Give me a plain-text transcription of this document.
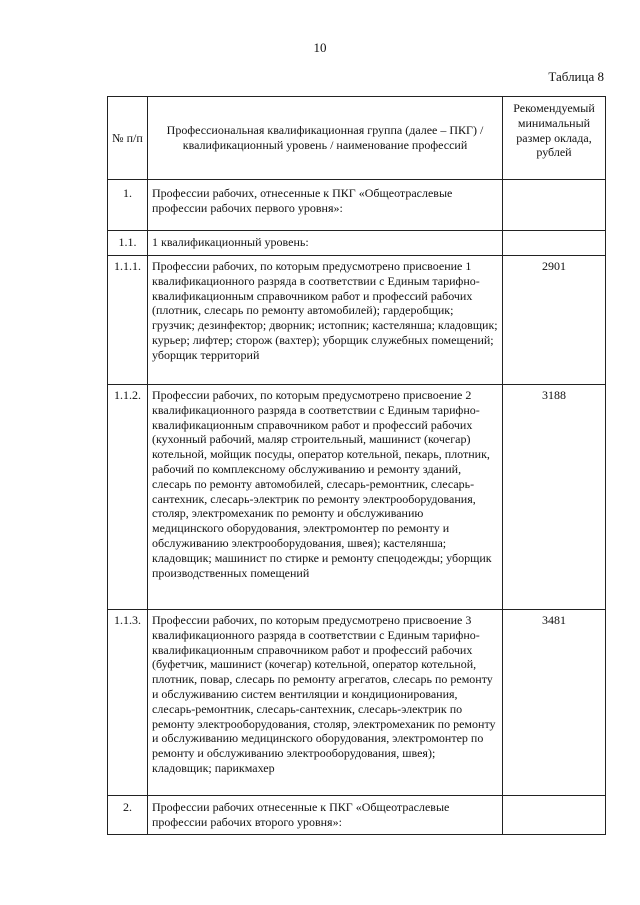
10
Таблица 8
№ п/п	Профессиональная квалификационная группа (далее – ПКГ) / квалификационный уровень / наименование профессий	Рекомендуемый минимальный размер оклада, рублей
1.	Профессии рабочих, отнесенные к ПКГ «Общеотраслевые профессии рабочих первого уровня»:	
1.1.	1 квалификационный уровень:	
1.1.1.	Профессии рабочих, по которым предусмотрено присвоение 1 квалификационного разряда в соответствии с Единым тарифно-квалификационным справочником работ и профессий рабочих (плотник, слесарь по ремонту автомобилей); гардеробщик; грузчик; дезинфектор; дворник; истопник; кастелянша; кладовщик; курьер; лифтер; сторож (вахтер); уборщик служебных помещений; уборщик территорий	2901
1.1.2.	Профессии рабочих, по которым предусмотрено присвоение 2 квалификационного разряда в соответствии с Единым тарифно-квалификационным справочником работ и профессий рабочих (кухонный рабочий, маляр строительный, машинист (кочегар) котельной, мойщик посуды, оператор котельной, пекарь, плотник, рабочий по комплексному обслуживанию и ремонту зданий, слесарь по ремонту автомобилей, слесарь-ремонтник, слесарь-сантехник, слесарь-электрик по ремонту электрооборудования, столяр, электромеханик по ремонту и обслуживанию медицинского оборудования, электромонтер по ремонту и обслуживанию электрооборудования, швея); кастелянша; кладовщик; машинист по стирке и ремонту спецодежды; уборщик производственных помещений	3188
1.1.3.	Профессии рабочих, по которым предусмотрено присвоение 3 квалификационного разряда в соответствии с Единым тарифно-квалификационным справочником работ и профессий рабочих (буфетчик, машинист (кочегар) котельной, оператор котельной, плотник, повар, слесарь по ремонту агрегатов, слесарь по ремонту и обслуживанию систем вентиляции и кондиционирования, слесарь-ремонтник, слесарь-сантехник, слесарь-электрик по ремонту электрооборудования, столяр, электромеханик по ремонту и обслуживанию медицинского оборудования, электромонтер по ремонту и обслуживанию электрооборудования, швея); кладовщик; парикмахер	3481
2.	Профессии рабочих отнесенные к ПКГ «Общеотраслевые профессии рабочих второго уровня»:	
